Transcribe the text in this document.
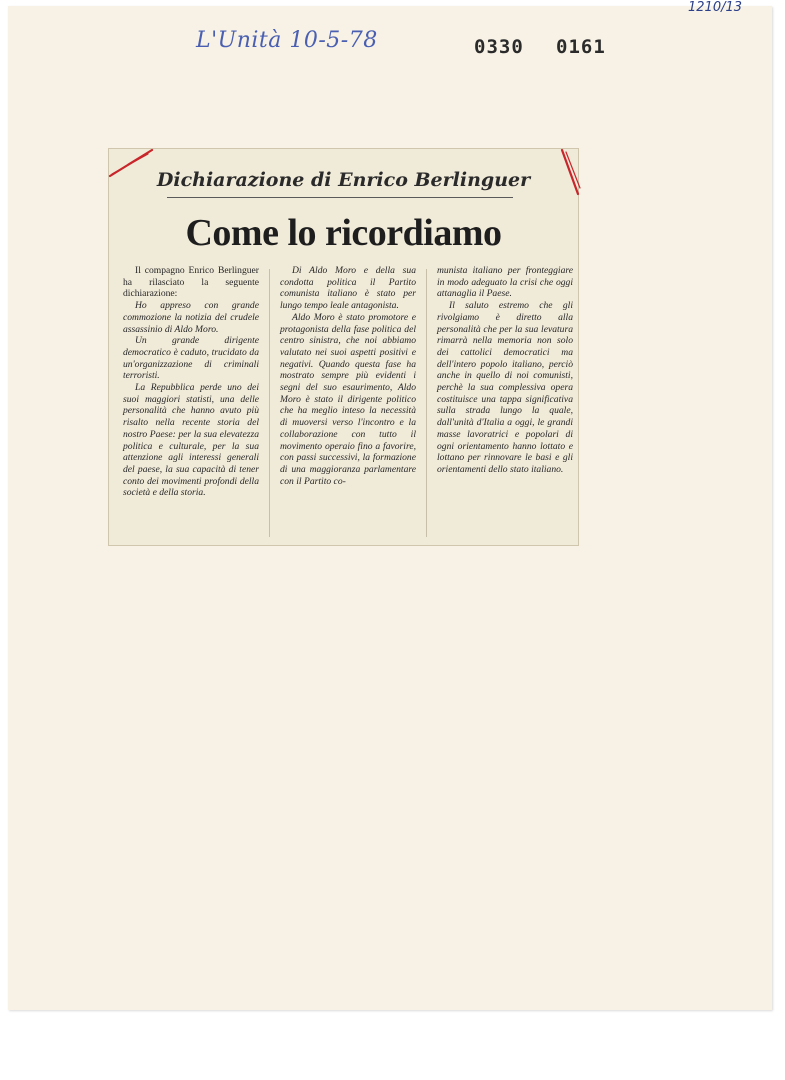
1210/13
L'Unità 10-5-78	0330 0161
Dichiarazione di Enrico Berlinguer
Come lo ricordiamo

Il compagno Enrico Berlinguer ha rilasciato la seguente dichiarazione:

Ho appreso con grande commozione la notizia del crudele assassinio di Aldo Moro.

Un grande dirigente democratico è caduto, trucidato da un'organizzazione di criminali terroristi.

La Repubblica perde uno dei suoi maggiori statisti, una delle personalità che hanno avuto più risalto nella recente storia del nostro Paese: per la sua elevatezza politica e culturale, per la sua attenzione agli interessi generali del paese, la sua capacità di tener conto dei movimenti profondi della società e della storia.

Di Aldo Moro e della sua condotta politica il Partito comunista italiano è stato per lungo tempo leale antagonista.

Aldo Moro è stato promotore e protagonista della fase politica del centro sinistra, che noi abbiamo valutato nei suoi aspetti positivi e negativi. Quando questa fase ha mostrato sempre più evidenti i segni del suo esaurimento, Aldo Moro è stato il dirigente politico che ha meglio inteso la necessità di muoversi verso l'incontro e la collaborazione con tutto il movimento operaio fino a favorire, con passi successivi, la formazione di una maggioranza parlamentare con il Partito co-

munista italiano per fronteggiare in modo adeguato la crisi che oggi attanaglia il Paese.

Il saluto estremo che gli rivolgiamo è diretto alla personalità che per la sua levatura rimarrà nella memoria non solo dei cattolici democratici ma dell'intero popolo italiano, perciò anche in quello di noi comunisti, perchè la sua complessiva opera costituisce una tappa significativa sulla strada lungo la quale, dall'unità d'Italia a oggi, le grandi masse lavoratrici e popolari di ogni orientamento hanno lottato e lottano per rinnovare le basi e gli orientamenti dello stato italiano.
